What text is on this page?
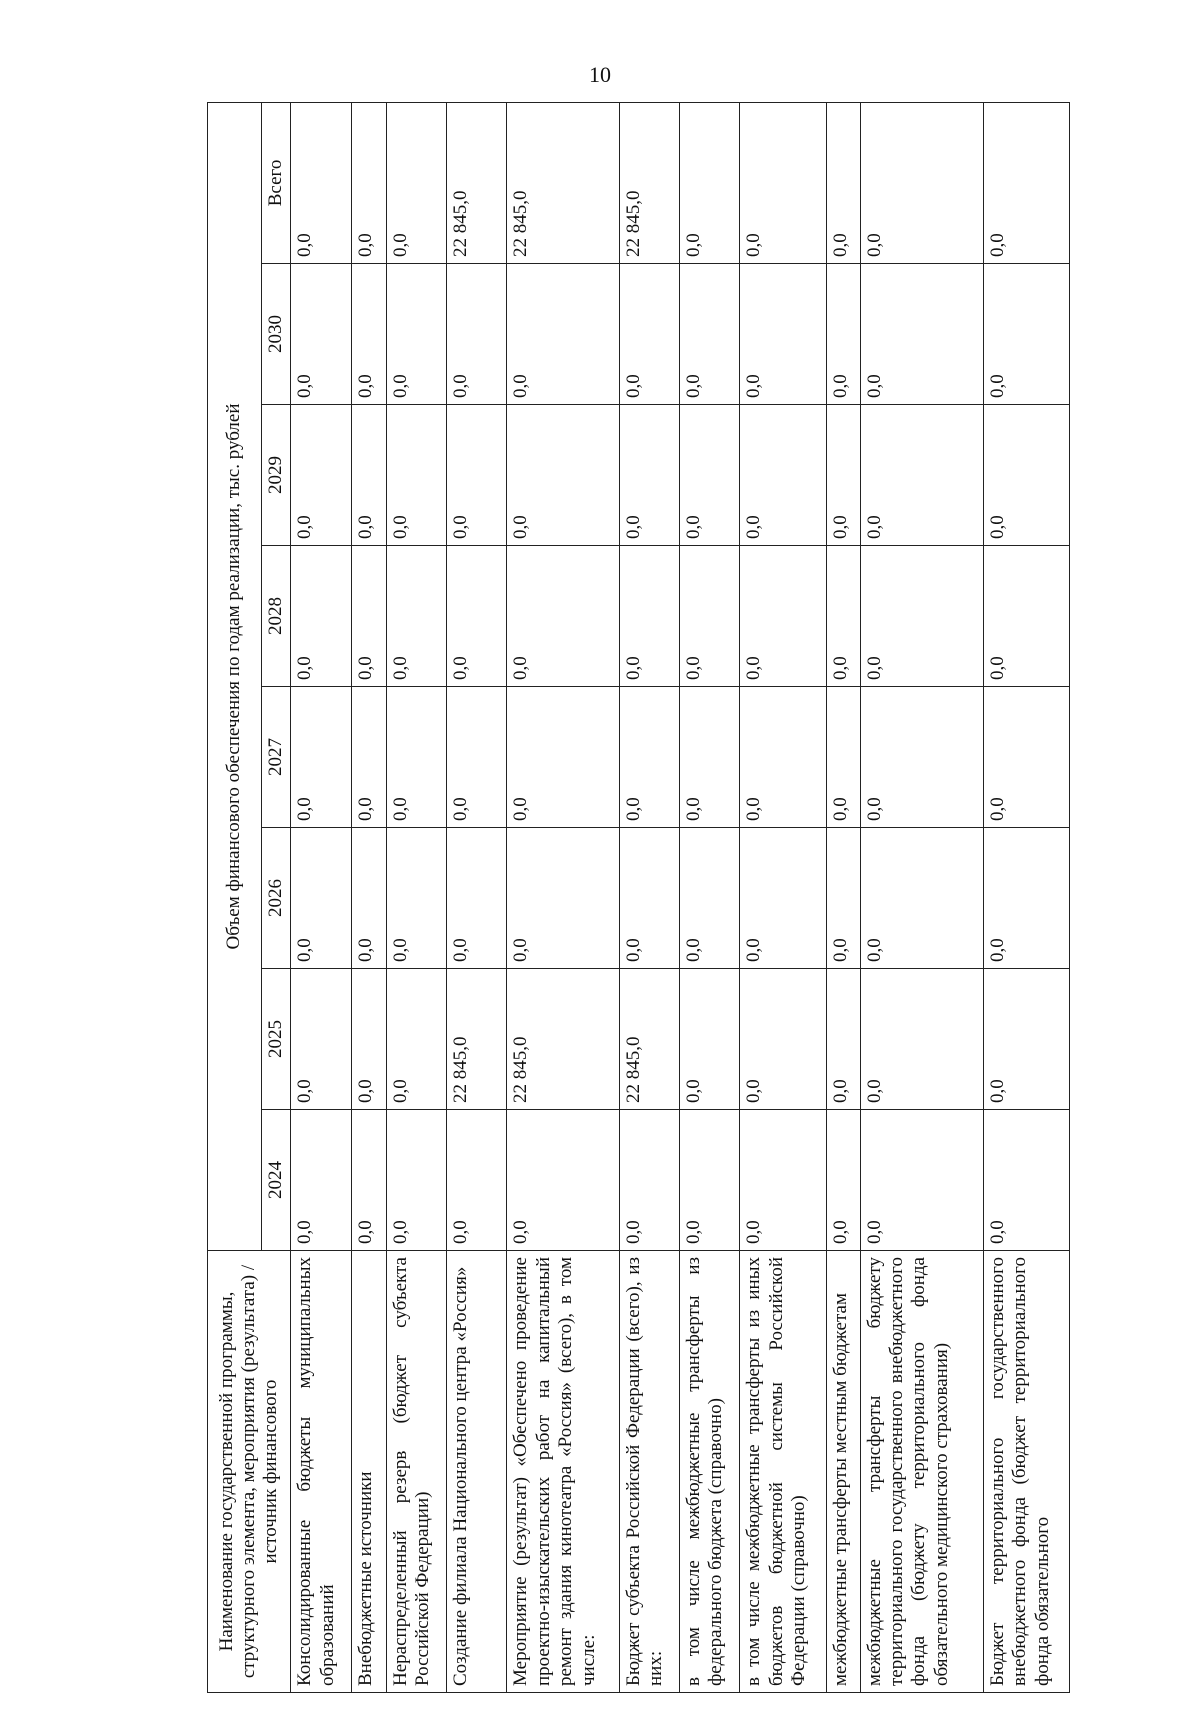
10
Наименование государственной программы, структурного элемента, мероприятия (результата) / источник финансового	Объем финансового обеспечения по годам реализации, тыс. рублей							
	2024	2025	2026	2027	2028	2029	2030	Всего
Консолидированные бюджеты муниципальных образований	0,0	0,0	0,0	0,0	0,0	0,0	0,0	0,0
Внебюджетные источники	0,0	0,0	0,0	0,0	0,0	0,0	0,0	0,0
Нераспределенный резерв (бюджет субъекта Российской Федерации)	0,0	0,0	0,0	0,0	0,0	0,0	0,0	0,0
Создание филиала Национального центра «Россия»	0,0	22 845,0	0,0	0,0	0,0	0,0	0,0	22 845,0
Мероприятие (результат) «Обеспечено проведение проектно-изыскательских работ на капитальный ремонт здания кинотеатра «Россия» (всего), в том числе:	0,0	22 845,0	0,0	0,0	0,0	0,0	0,0	22 845,0
Бюджет субъекта Российской Федерации (всего), из них:	0,0	22 845,0	0,0	0,0	0,0	0,0	0,0	22 845,0
в том числе межбюджетные трансферты из федерального бюджета (справочно)	0,0	0,0	0,0	0,0	0,0	0,0	0,0	0,0
в том числе межбюджетные трансферты из иных бюджетов бюджетной системы Российской Федерации (справочно)	0,0	0,0	0,0	0,0	0,0	0,0	0,0	0,0
межбюджетные трансферты местным бюджетам	0,0	0,0	0,0	0,0	0,0	0,0	0,0	0,0
межбюджетные трансферты бюджету территориального государственного внебюджетного фонда (бюджету территориального фонда обязательного медицинского страхования)	0,0	0,0	0,0	0,0	0,0	0,0	0,0	0,0
Бюджет территориального государственного внебюджетного фонда (бюджет территориального фонда обязательного	0,0	0,0	0,0	0,0	0,0	0,0	0,0	0,0
